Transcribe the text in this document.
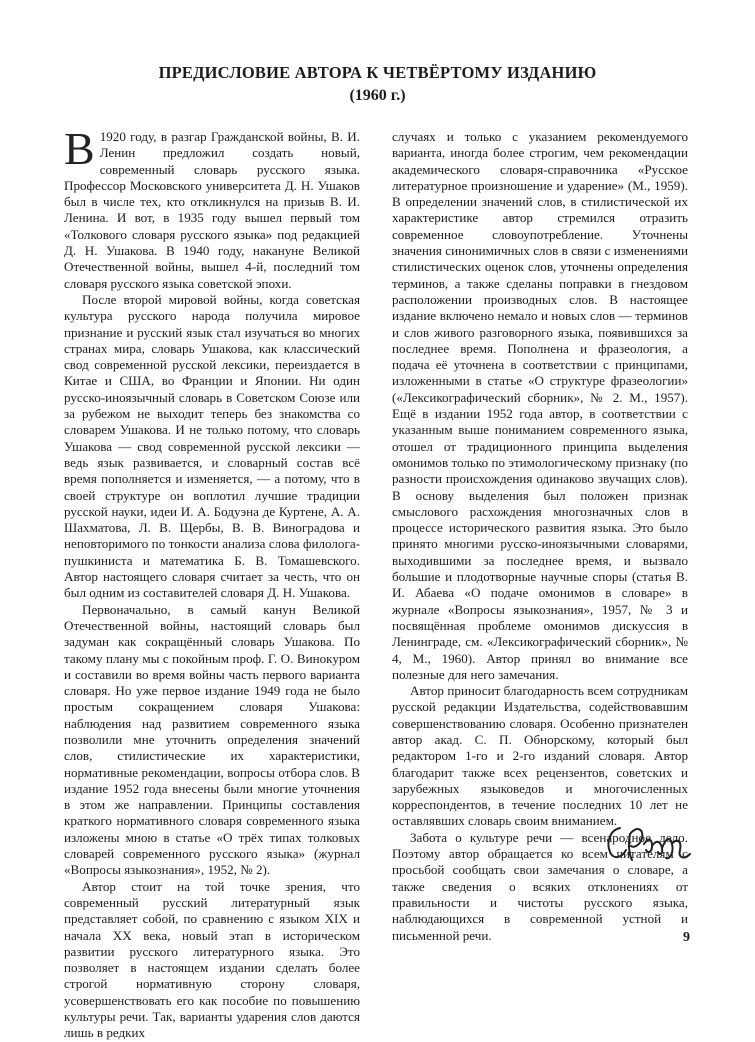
ПРЕДИСЛОВИЕ АВТОРА К ЧЕТВЁРТОМУ ИЗДАНИЮ
(1960 г.)

В 1920 году, в разгар Гражданской войны, В. И. Ленин предложил создать новый, современный словарь русского языка. Профессор Московского университета Д. Н. Ушаков был в числе тех, кто откликнулся на призыв В. И. Ленина. И вот, в 1935 году вышел первый том «Толкового словаря русского языка» под редакцией Д. Н. Ушакова. В 1940 году, накануне Великой Отечественной войны, вышел 4-й, последний том словаря русского языка советской эпохи.

После второй мировой войны, когда советская культура русского народа получила мировое признание и русский язык стал изучаться во многих странах мира, словарь Ушакова, как классический свод современной русской лексики, переиздается в Китае и США, во Франции и Японии. Ни один русско-иноязычный словарь в Советском Союзе или за рубежом не выходит теперь без знакомства со словарем Ушакова. И не только потому, что словарь Ушакова — свод современной русской лексики — ведь язык развивается, и словарный состав всё время пополняется и изменяется, — а потому, что в своей структуре он воплотил лучшие традиции русской науки, идеи И. А. Бодуэна де Куртене, А. А. Шахматова, Л. В. Щербы, В. В. Виноградова и неповторимого по тонкости анализа слова филолога-пушкиниста и математика Б. В. Томашевского. Автор настоящего словаря считает за честь, что он был одним из составителей словаря Д. Н. Ушакова.

Первоначально, в самый канун Великой Отечественной войны, настоящий словарь был задуман как сокращённый словарь Ушакова. По такому плану мы с покойным проф. Г. О. Винокуром и составили во время войны часть первого варианта словаря. Но уже первое издание 1949 года не было простым сокращением словаря Ушакова: наблюдения над развитием современного языка позволили мне уточнить определения значений слов, стилистические их характеристики, нормативные рекомендации, вопросы отбора слов. В издание 1952 года внесены были многие уточнения в этом же направлении. Принципы составления краткого нормативного словаря современного языка изложены мною в статье «О трёх типах толковых словарей современного русского языка» (журнал «Вопросы языкознания», 1952, № 2).

Автор стоит на той точке зрения, что современный русский литературный язык представляет собой, по сравнению с языком XIX и начала XX века, новый этап в историческом развитии русского литературного языка. Это позволяет в настоящем издании сделать более строгой нормативную сторону словаря, усовершенствовать его как пособие по повышению культуры речи. Так, варианты ударения слов даются лишь в редких

случаях и только с указанием рекомендуемого варианта, иногда более строгим, чем рекомендации академического словаря-справочника «Русское литературное произношение и ударение» (М., 1959). В определении значений слов, в стилистической их характеристике автор стремился отразить современное словоупотребление. Уточнены значения синонимичных слов в связи с изменениями стилистических оценок слов, уточнены определения терминов, а также сделаны поправки в гнездовом расположении производных слов. В настоящее издание включено немало и новых слов — терминов и слов живого разговорного языка, появившихся за последнее время. Пополнена и фразеология, а подача её уточнена в соответствии с принципами, изложенными в статье «О структуре фразеологии» («Лексикографический сборник», № 2. М., 1957). Ещё в издании 1952 года автор, в соответствии с указанным выше пониманием современного языка, отошел от традиционного принципа выделения омонимов только по этимологическому признаку (по разности происхождения одинаково звучащих слов). В основу выделения был положен признак смыслового расхождения многозначных слов в процессе исторического развития языка. Это было принято многими русско-иноязычными словарями, выходившими за последнее время, и вызвало большие и плодотворные научные споры (статья В. И. Абаева «О подаче омонимов в словаре» в журнале «Вопросы языкознания», 1957, № 3 и посвящённая проблеме омонимов дискуссия в Ленинграде, см. «Лексикографический сборник», № 4, М., 1960). Автор принял во внимание все полезные для него замечания.

Автор приносит благодарность всем сотрудникам русской редакции Издательства, содействовавшим совершенствованию словаря. Особенно признателен автор акад. С. П. Обнорскому, который был редактором 1-го и 2-го изданий словаря. Автор благодарит также всех рецензентов, советских и зарубежных языковедов и многочисленных корреспондентов, в течение последних 10 лет не оставлявших словарь своим вниманием.

Забота о культуре речи — всенародное дело. Поэтому автор обращается ко всем читателям с просьбой сообщать свои замечания о словаре, а также сведения о всяких отклонениях от правильности и чистоты русского языка, наблюдающихся в современной устной и письменной речи.	9
